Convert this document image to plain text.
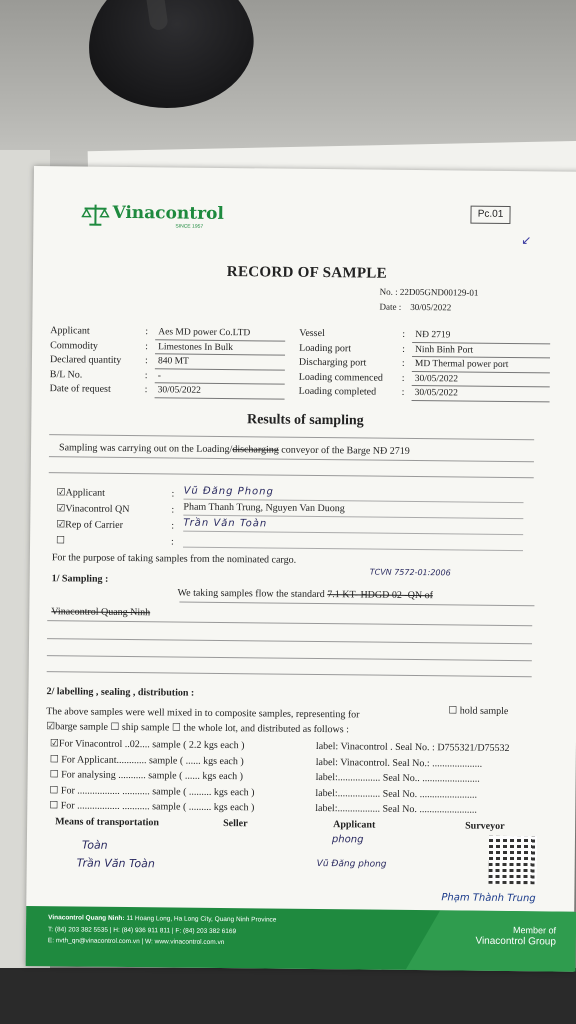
Vinacontrol
SINCE 1957
Pc.01
↙
RECORD OF SAMPLE
No. : 22D05GND00129-01
Date : 30/05/2022
Applicant	:	Aes MD power Co.LTD
Commodity	:	Limestones In Bulk
Declared quantity	:	840 MT
B/L No.	:	-
Date of request	:	30/05/2022
Vessel	:	NĐ 2719
Loading port	:	Ninh Binh Port
Discharging port	:	MD Thermal power port
Loading commenced	:	30/05/2022
Loading completed	:	30/05/2022
Results of sampling
Sampling was carrying out on the Loading/discharging conveyor of the Barge NĐ 2719
☑Applicant	: Vũ Đăng Phong
☑Vinacontrol QN	: Pham Thanh Trung, Nguyen Van Duong
☑Rep of Carrier	: Trần Văn Toàn
☐	:
For the purpose of taking samples from the nominated cargo.
1/ Sampling :
TCVN 7572-01:2006
We taking samples flow the standard 7.1 KT- HDGD 02 -QN of
Vinacontrol Quang Ninh
2/ labelling , sealing , distribution :
The above samples were well mixed in to composite samples, representing for	☐ hold sample
☑barge sample ☐ ship sample ☐ the whole lot, and distributed as follows :
☑For Vinacontrol ..02.... sample ( 2.2 kgs each )	label: Vinacontrol . Seal No. : D755321/D75532
☐ For Applicant............ sample ( ...... kgs each )	label: Vinacontrol. Seal No.: ....................
☐ For analysing ........... sample ( ...... kgs each )	label:................. Seal No.. .......................
☐ For ................. ........... sample ( ......... kgs each )	label:................. Seal No. .......................
☐ For ................. ........... sample ( ......... kgs each )	label:................. Seal No. .......................
Means of transportation	Seller	Applicant	Surveyor
Toàn
Trần Văn Toàn
phong
Vũ Đăng phong
Phạm Thành Trung
Vinacontrol Quang Ninh: 11 Hoang Long, Ha Long City, Quang Ninh Province
T: (84) 203 382 5535 | H: (84) 936 911 811 | F: (84) 203 382 6169
E: nvth_qn@vinacontrol.com.vn | W: www.vinacontrol.com.vn
Member of
Vinacontrol Group
